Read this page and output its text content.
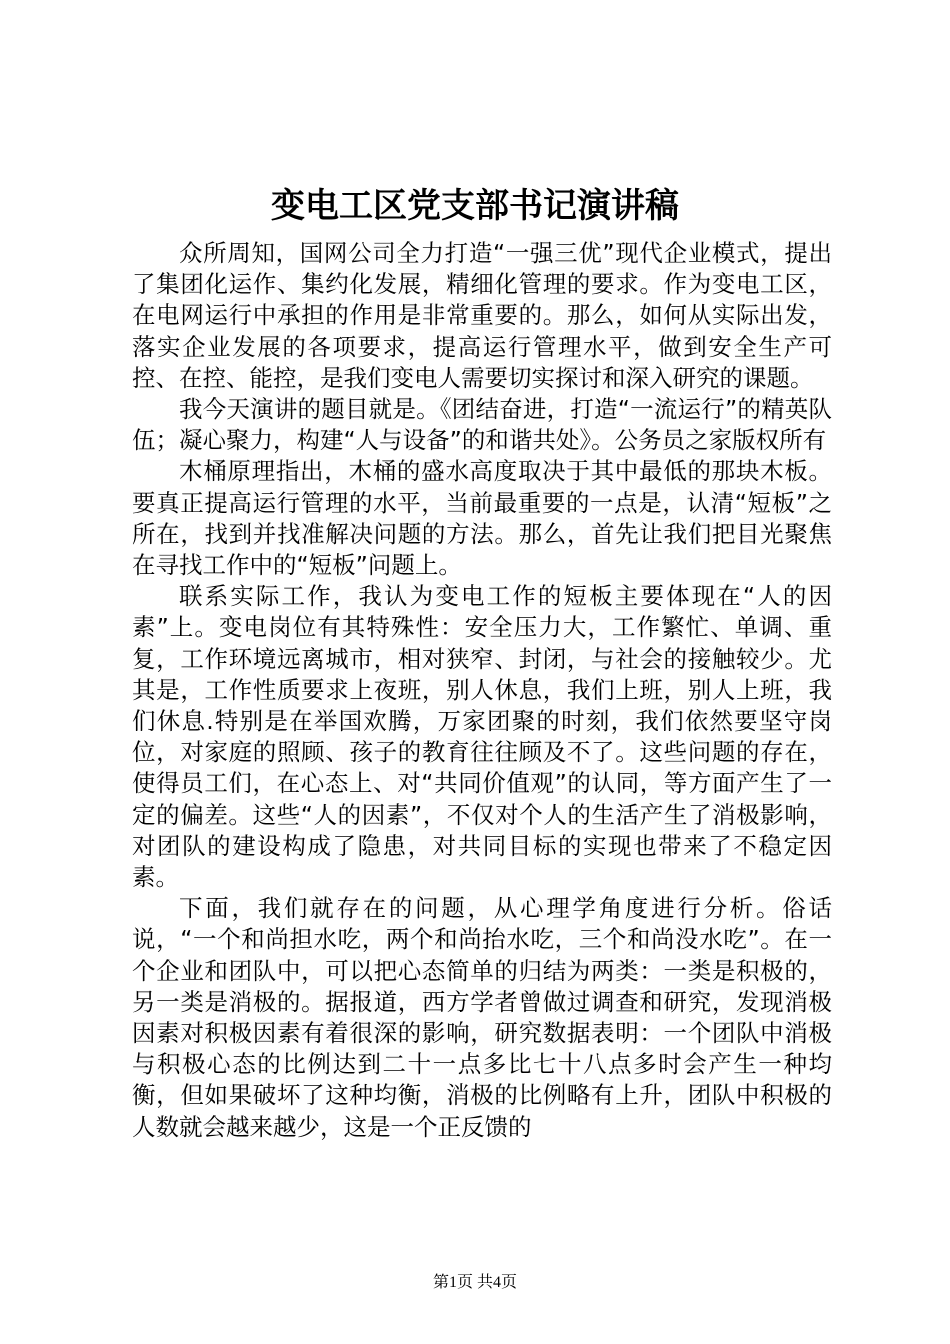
变电工区党支部书记演讲稿

众所周知，国网公司全力打造“一强三优”现代企业模式，提出了集团化运作、集约化发展，精细化管理的要求。作为变电工区，在电网运行中承担的作用是非常重要的。那么，如何从实际出发，落实企业发展的各项要求，提高运行管理水平，做到安全生产可控、在控、能控，是我们变电人需要切实探讨和深入研究的课题。

我今天演讲的题目就是。《团结奋进，打造“一流运行”的精英队伍；凝心聚力，构建“人与设备”的和谐共处》。公务员之家版权所有

木桶原理指出，木桶的盛水高度取决于其中最低的那块木板。要真正提高运行管理的水平，当前最重要的一点是，认清“短板”之所在，找到并找准解决问题的方法。那么，首先让我们把目光聚焦在寻找工作中的“短板”问题上。

联系实际工作，我认为变电工作的短板主要体现在“人的因素”上。变电岗位有其特殊性：安全压力大，工作繁忙、单调、重复，工作环境远离城市，相对狭窄、封闭，与社会的接触较少。尤其是，工作性质要求上夜班，别人休息，我们上班，别人上班，我们休息.特别是在举国欢腾，万家团聚的时刻，我们依然要坚守岗位，对家庭的照顾、孩子的教育往往顾及不了。这些问题的存在，使得员工们，在心态上、对“共同价值观”的认同，等方面产生了一定的偏差。这些“人的因素”，不仅对个人的生活产生了消极影响，对团队的建设构成了隐患，对共同目标的实现也带来了不稳定因素。

下面，我们就存在的问题，从心理学角度进行分析。俗话说，“一个和尚担水吃，两个和尚抬水吃，三个和尚没水吃”。在一个企业和团队中，可以把心态简单的归结为两类：一类是积极的，另一类是消极的。据报道，西方学者曾做过调查和研究，发现消极因素对积极因素有着很深的影响，研究数据表明：一个团队中消极与积极心态的比例达到二十一点多比七十八点多时会产生一种均衡，但如果破坏了这种均衡，消极的比例略有上升，团队中积极的人数就会越来越少，这是一个正反馈的

第1页 共4页
